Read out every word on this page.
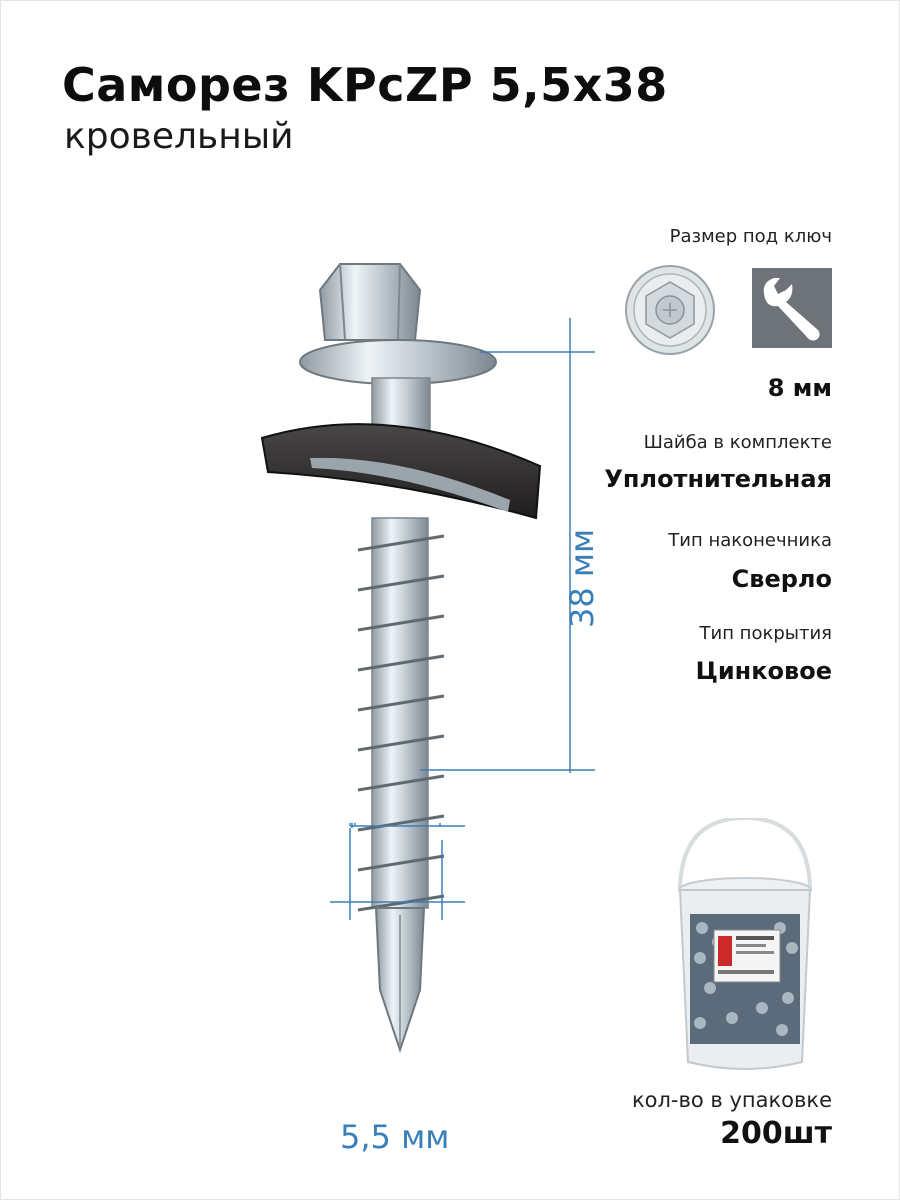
Саморез KPcZP 5,5x38
кровельный
38 мм
5,5 мм
Размер под ключ
8 мм
Шайба в комплекте
Уплотнительная
Тип наконечника
Сверло
Тип покрытия
Цинковое
кол-во в упаковке
200шт
